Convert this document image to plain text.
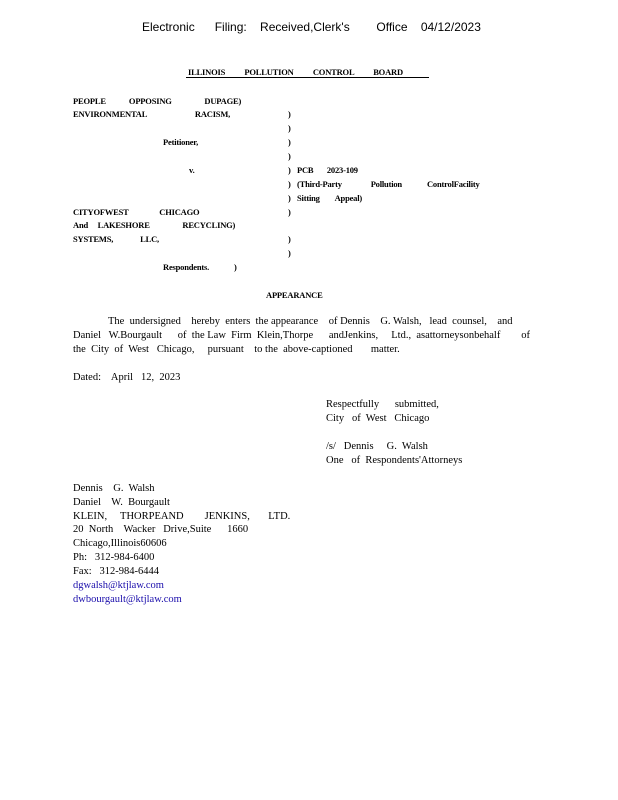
Electronic      Filing:    Received,Clerk's        Office    04/12/2023
ILLINOIS          POLLUTION          CONTROL          BOARD
PEOPLE            OPPOSING                 DUPAGE)
ENVIRONMENTAL                         RACISM,
Petitioner,
v.
CITYOFWEST                CHICAGO
And     LAKESHORE                 RECYCLING)
SYSTEMS,              LLC,
Respondents.	)
)
)
)
)
)
)
)
)
)
)
PCB       2023-109
(Third-Party               Pollution             ControlFacility
Sitting        Appeal)
APPEARANCE
The  undersigned    hereby  enters  the appearance    of Dennis    G. Walsh,   lead  counsel,    and
Daniel   W.Bourgault      of  the Law  Firm  Klein,Thorpe      andJenkins,     Ltd.,  asattorneysonbehalf        of
the  City  of  West   Chicago,     pursuant    to the  above-captioned       matter.
Dated:    April   12,  2023
Respectfully      submitted,
City   of  West   Chicago
/s/   Dennis     G.  Walsh
One   of  Respondents'Attorneys
Dennis    G.  Walsh
Daniel    W.  Bourgault
KLEIN,     THORPEAND        JENKINS,       LTD.
20  North    Wacker   Drive,Suite      1660
Chicago,Illinois60606
Ph:   312-984-6400
Fax:   312-984-6444
dgwalsh@ktjlaw.com
dwbourgault@ktjlaw.com
